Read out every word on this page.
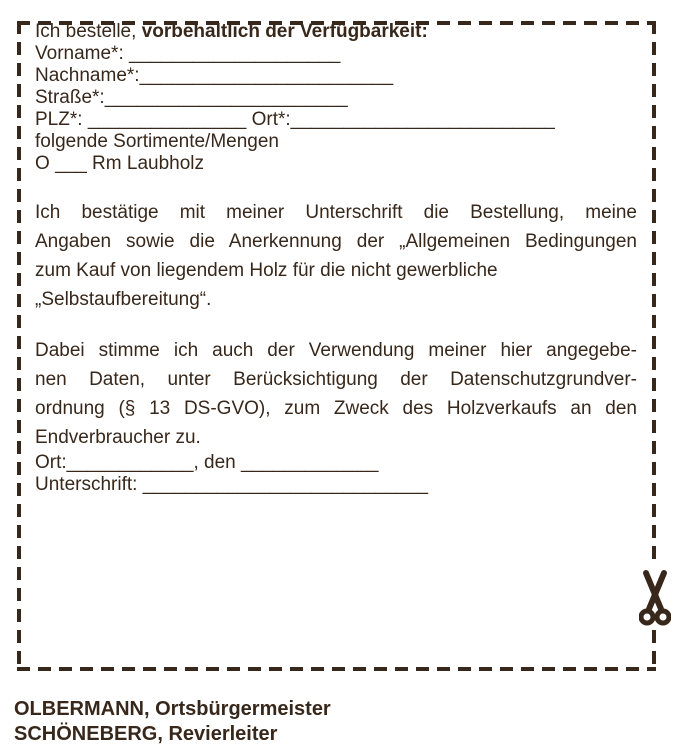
Ich bestelle, vorbehaltlich der Verfügbarkeit:

Vorname*: ____________________

Nachname*:________________________

Straße*:_______________________

PLZ*: _______________ Ort*:_________________________

folgende Sortimente/Mengen

O ___ Rm Laubholz

Ich bestätige mit meiner Unterschrift die Bestellung, meine
Angaben sowie die Anerkennung der „Allgemeinen Bedingungen
zum Kauf von liegendem Holz für die nicht gewerbliche
„Selbstaufbereitung“.
Dabei stimme ich auch der Verwendung meiner hier angegebe-
nen Daten, unter Berücksichtigung der Datenschutzgrundver-
ordnung (§ 13 DS-GVO), zum Zweck des Holzverkaufs an den
Endverbraucher zu.

Ort:____________, den _____________

Unterschrift: ___________________________

OLBERMANN, Ortsbürgermeister
SCHÖNEBERG, Revierleiter
